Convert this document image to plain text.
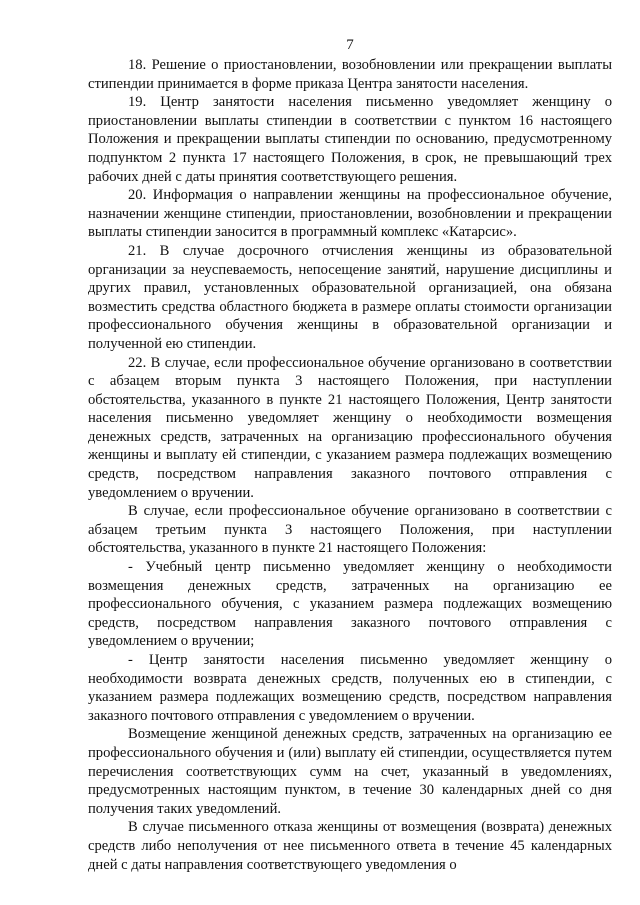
7

18. Решение о приостановлении, возобновлении или прекращении выплаты стипендии принимается в форме приказа Центра занятости населения.

19. Центр занятости населения письменно уведомляет женщину о приостановлении выплаты стипендии в соответствии с пунктом 16 настоящего Положения и прекращении выплаты стипендии по основанию, предусмотренному подпунктом 2 пункта 17 настоящего Положения, в срок, не превышающий трех рабочих дней с даты принятия соответствующего решения.

20. Информация о направлении женщины на профессиональное обучение, назначении женщине стипендии, приостановлении, возобновлении и прекращении выплаты стипендии заносится в программный комплекс «Катарсис».

21. В случае досрочного отчисления женщины из образовательной организации за неуспеваемость, непосещение занятий, нарушение дисциплины и других правил, установленных образовательной организацией, она обязана возместить средства областного бюджета в размере оплаты стоимости организации профессионального обучения женщины в образовательной организации и полученной ею стипендии.

22. В случае, если профессиональное обучение организовано в соответствии с абзацем вторым пункта 3 настоящего Положения, при наступлении обстоятельства, указанного в пункте 21 настоящего Положения, Центр занятости населения письменно уведомляет женщину о необходимости возмещения денежных средств, затраченных на организацию профессионального обучения женщины и выплату ей стипендии, с указанием размера подлежащих возмещению средств, посредством направления заказного почтового отправления с уведомлением о вручении.

В случае, если профессиональное обучение организовано в соответствии с абзацем третьим пункта 3 настоящего Положения, при наступлении обстоятельства, указанного в пункте 21 настоящего Положения:

- Учебный центр письменно уведомляет женщину о необходимости возмещения денежных средств, затраченных на организацию ее профессионального обучения, с указанием размера подлежащих возмещению средств, посредством направления заказного почтового отправления с уведомлением о вручении;

- Центр занятости населения письменно уведомляет женщину о необходимости возврата денежных средств, полученных ею в стипендии, с указанием размера подлежащих возмещению средств, посредством направления заказного почтового отправления с уведомлением о вручении.

Возмещение женщиной денежных средств, затраченных на организацию ее профессионального обучения и (или) выплату ей стипендии, осуществляется путем перечисления соответствующих сумм на счет, указанный в уведомлениях, предусмотренных настоящим пунктом, в течение 30 календарных дней со дня получения таких уведомлений.

В случае письменного отказа женщины от возмещения (возврата) денежных средств либо неполучения от нее письменного ответа в течение 45 календарных дней с даты направления соответствующего уведомления о
